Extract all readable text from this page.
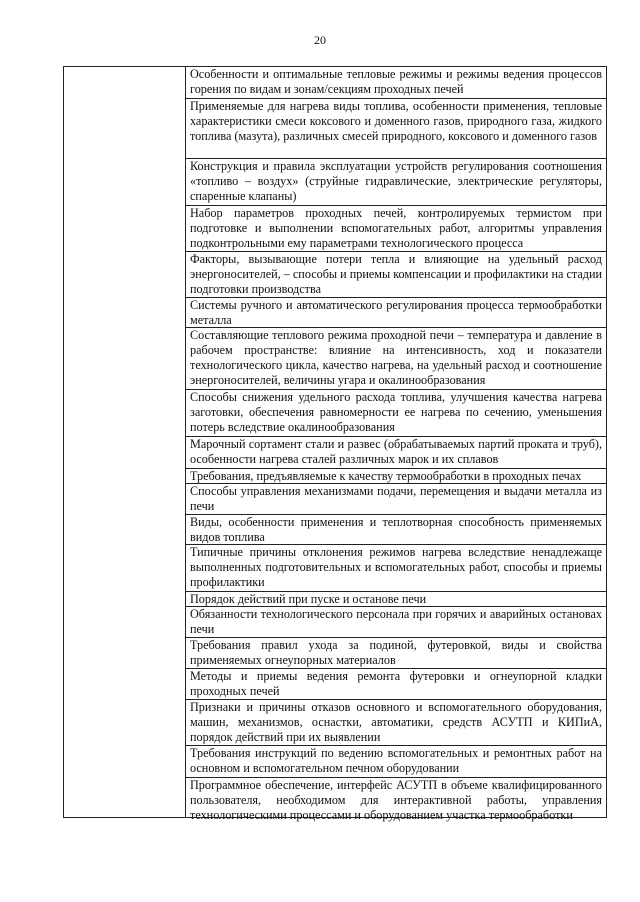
20
Особенности и оптимальные тепловые режимы и режимы ведения процессов горения по видам и зонам/секциям проходных печей
Применяемые для нагрева виды топлива, особенности применения, тепловые характеристики смеси коксового и доменного газов, природного газа, жидкого топлива (мазута), различных смесей природного, коксового и доменного газов
Конструкция и правила эксплуатации устройств регулирования соотношения «топливо – воздух» (струйные гидравлические, электрические регуляторы, спаренные клапаны)
Набор параметров проходных печей, контролируемых термистом при подготовке и выполнении вспомогательных работ, алгоритмы управления подконтрольными ему параметрами технологического процесса
Факторы, вызывающие потери тепла и влияющие на удельный расход энергоносителей, – способы и приемы компенсации и профилактики на стадии подготовки производства
Системы ручного и автоматического регулирования процесса термообработки металла
Составляющие теплового режима проходной печи – температура и давление в рабочем пространстве: влияние на интенсивность, ход и показатели технологического цикла, качество нагрева, на удельный расход и соотношение энергоносителей, величины угара и окалинообразования
Способы снижения удельного расхода топлива, улучшения качества нагрева заготовки, обеспечения равномерности ее нагрева по сечению, уменьшения потерь вследствие окалинообразования
Марочный сортамент стали и развес (обрабатываемых партий проката и труб), особенности нагрева сталей различных марок и их сплавов
Требования, предъявляемые к качеству термообработки в проходных печах
Способы управления механизмами подачи, перемещения и выдачи металла из печи
Виды, особенности применения и теплотворная способность применяемых видов топлива
Типичные причины отклонения режимов нагрева вследствие ненадлежаще выполненных подготовительных и вспомогательных работ, способы и приемы профилактики
Порядок действий при пуске и останове печи
Обязанности технологического персонала при горячих и аварийных остановах печи
Требования правил ухода за подиной, футеровкой, виды и свойства применяемых огнеупорных материалов
Методы и приемы ведения ремонта футеровки и огнеупорной кладки проходных печей
Признаки и причины отказов основного и вспомогательного оборудования, машин, механизмов, оснастки, автоматики, средств АСУТП и КИПиА, порядок действий при их выявлении
Требования инструкций по ведению вспомогательных и ремонтных работ на основном и вспомогательном печном оборудовании
Программное обеспечение, интерфейс АСУТП в объеме квалифицированного пользователя, необходимом для интерактивной работы, управления технологическими процессами и оборудованием участка термообработки
